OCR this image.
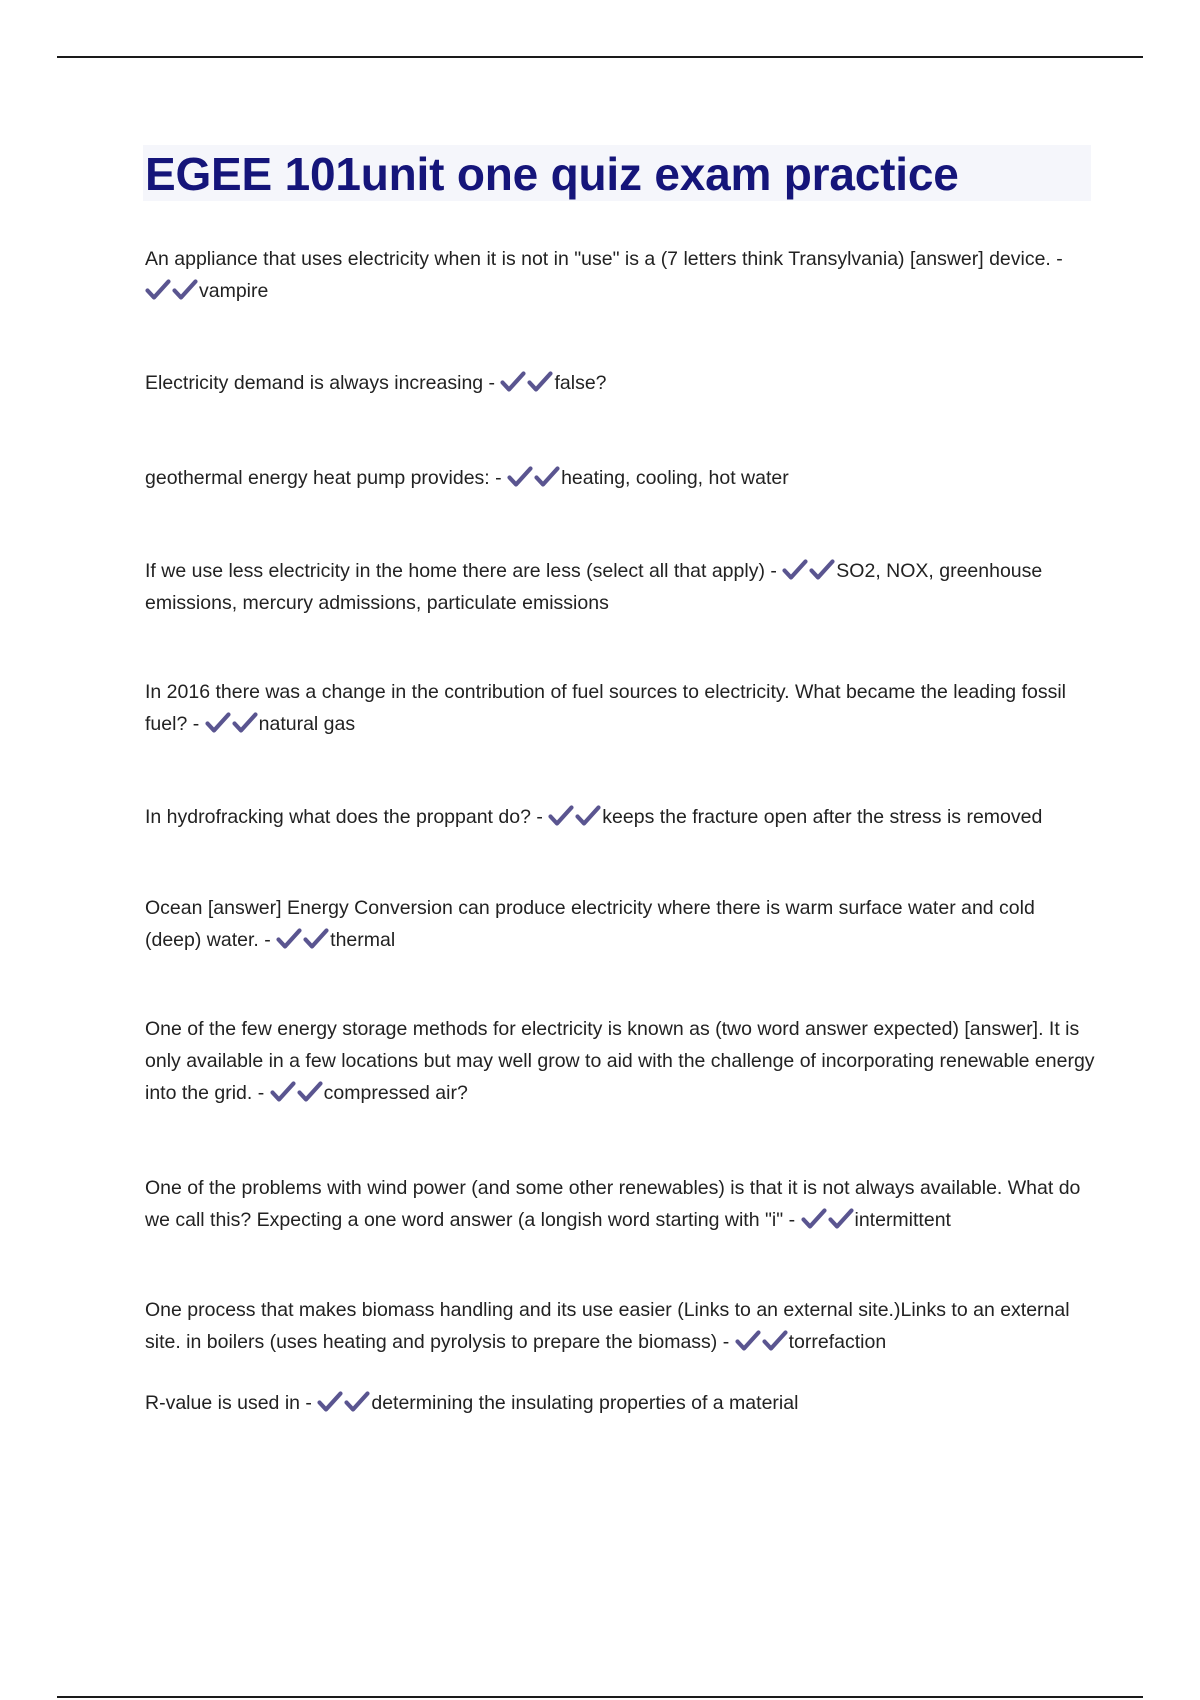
EGEE 101unit one quiz exam practice
An appliance that uses electricity when it is not in "use" is a (7 letters think Transylvania) [answer] device. -
vampire
Electricity demand is always increasing -	false?
geothermal energy heat pump provides: -	heating, cooling, hot water
If we use less electricity in the home there are less (select all that apply) -	SO2, NOX, greenhouse emissions, mercury admissions, particulate emissions
In 2016 there was a change in the contribution of fuel sources to electricity. What became the leading fossil fuel? -	natural gas
In hydrofracking what does the proppant do? -	keeps the fracture open after the stress is removed
Ocean [answer] Energy Conversion can produce electricity where there is warm surface water and cold (deep) water. -	thermal
One of the few energy storage methods for electricity is known as (two word answer expected) [answer]. It is only available in a few locations but may well grow to aid with the challenge of incorporating renewable energy into the grid. -	compressed air?
One of the problems with wind power (and some other renewables) is that it is not always available. What do we call this? Expecting a one word answer (a longish word starting with "i" -	intermittent
One process that makes biomass handling and its use easier (Links to an external site.)Links to an external site. in boilers (uses heating and pyrolysis to prepare the biomass) -	torrefaction
R-value is used in -	determining the insulating properties of a material
